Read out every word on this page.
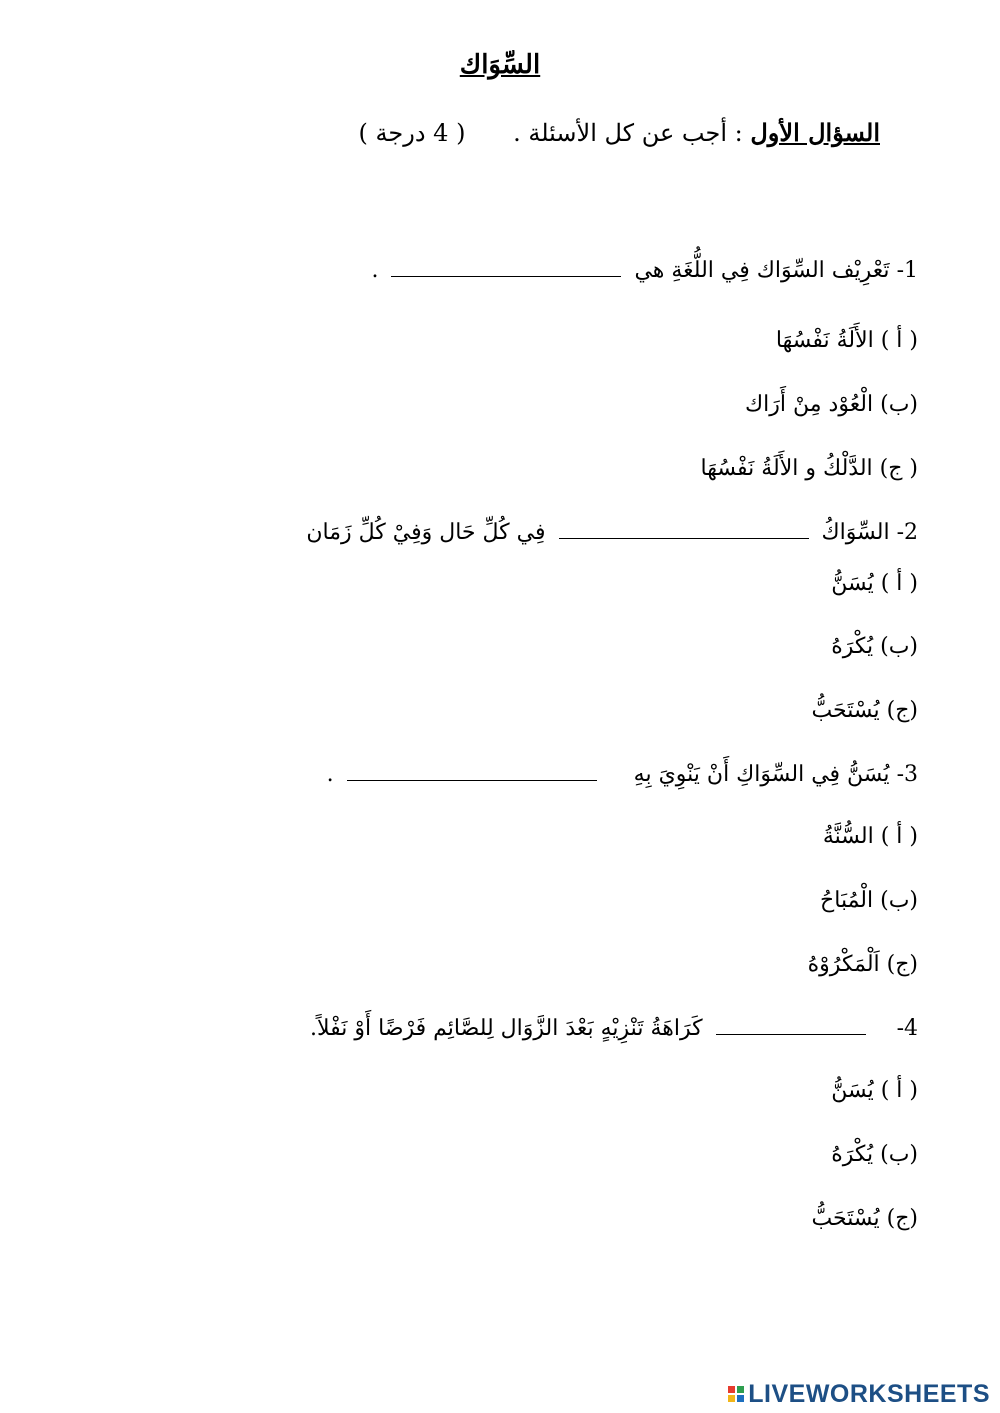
السِّوَاك
السؤال الأول : أجب عن كل الأسئلة . ( 4 درجة )
1- تَعْرِيْف السِّوَاك فِي اللُّغَةِ هي  .
( أ ) الأَلَةُ نَفْسُهَا
(ب) الْعُوْد مِنْ أَرَاك
( ج) الدَّلْكُ و الأَلَةُ نَفْسُهَا
2- السِّوَاكُ  فِي كُلِّ حَال وَفِيْ كُلِّ زَمَان
( أ ) يُسَنُّ
(ب) يُكْرَهُ
(ج) يُسْتَحَبُّ
3- يُسَنُّ فِي السِّوَاكِ أَنْ يَنْوِيَ بِهِ  .
( أ ) السُّنَّةُ
(ب) الْمُبَاحُ
(ج) اَلْمَكْرُوْهُ
4-  كَرَاهَةُ تَنْزِيْهٍ بَعْدَ الزَّوَال لِلصَّائِم فَرْضًا أَوْ نَفْلاً.
( أ ) يُسَنُّ
(ب) يُكْرَهُ
(ج) يُسْتَحَبُّ
LIVEWORKSHEETS
